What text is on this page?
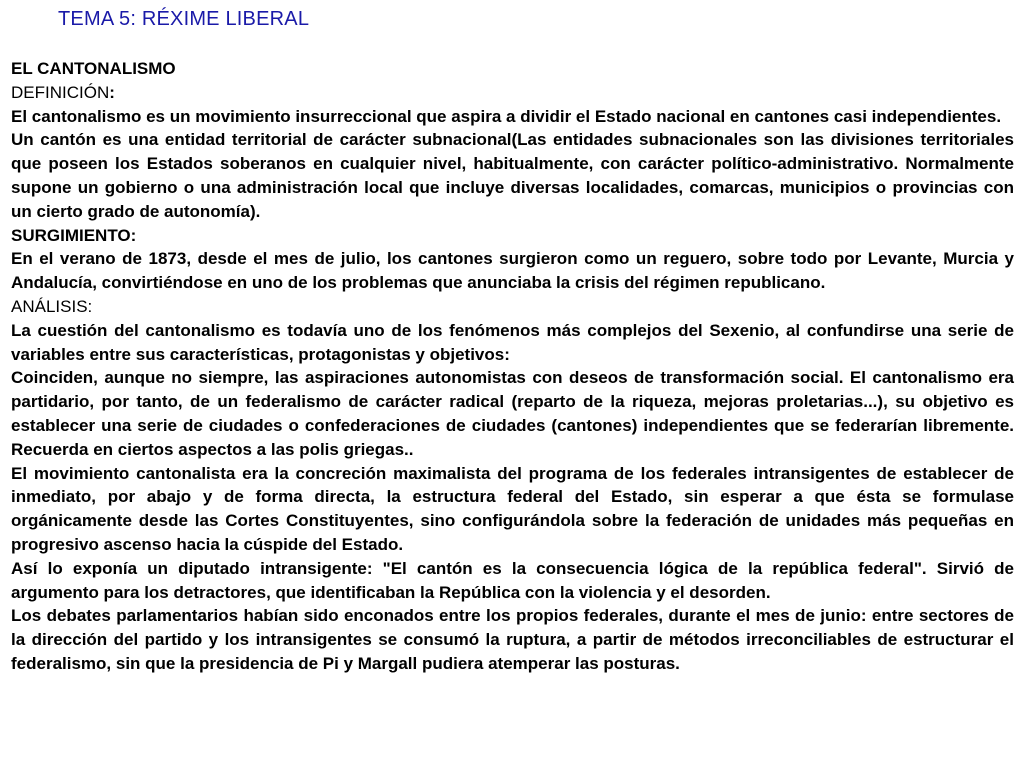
TEMA 5: RÉXIME LIBERAL
EL CANTONALISMO
DEFINICIÓN:

El cantonalismo es un movimiento insurreccional que aspira a dividir el Estado nacional en cantones casi independientes.

Un cantón es una entidad territorial de carácter subnacional(Las entidades subnacionales son las divisiones territoriales que poseen los Estados soberanos en cualquier nivel, habitualmente, con carácter político-administrativo. Normalmente supone un gobierno o una administración local que incluye diversas localidades, comarcas, municipios o provincias con un cierto grado de autonomía).

SURGIMIENTO:

En el verano de 1873, desde el mes de julio, los cantones surgieron como un reguero, sobre todo por Levante, Murcia y Andalucía, convirtiéndose en uno de los problemas que anunciaba la crisis del régimen republicano.

ANÁLISIS:

La cuestión del cantonalismo es todavía uno de los fenómenos más complejos del Sexenio, al confundirse una serie de variables entre sus características, protagonistas y objetivos:

Coinciden, aunque no siempre, las aspiraciones autonomistas con deseos de transformación social. El cantonalismo era partidario, por tanto, de un federalismo de carácter radical (reparto de la riqueza, mejoras proletarias...), su objetivo es establecer una serie de ciudades o confederaciones de ciudades (cantones) independientes que se federarían libremente. Recuerda en ciertos aspectos a las polis griegas..

El movimiento cantonalista era la concreción maximalista del programa de los federales intransigentes de establecer de inmediato, por abajo y de forma directa, la estructura federal del Estado, sin esperar a que ésta se formulase orgánicamente desde las Cortes Constituyentes, sino configurándola sobre la federación de unidades más pequeñas en progresivo ascenso hacia la cúspide del Estado.

Así lo exponía un diputado intransigente: "El cantón es la consecuencia lógica de la república federal". Sirvió de argumento para los detractores, que identificaban la República con la violencia y el desorden.

Los debates parlamentarios habían sido enconados entre los propios federales, durante el mes de junio: entre sectores de la dirección del partido y los intransigentes se consumó la ruptura, a partir de métodos irreconciliables de estructurar el federalismo, sin que la presidencia de Pi y Margall pudiera atemperar las posturas.
